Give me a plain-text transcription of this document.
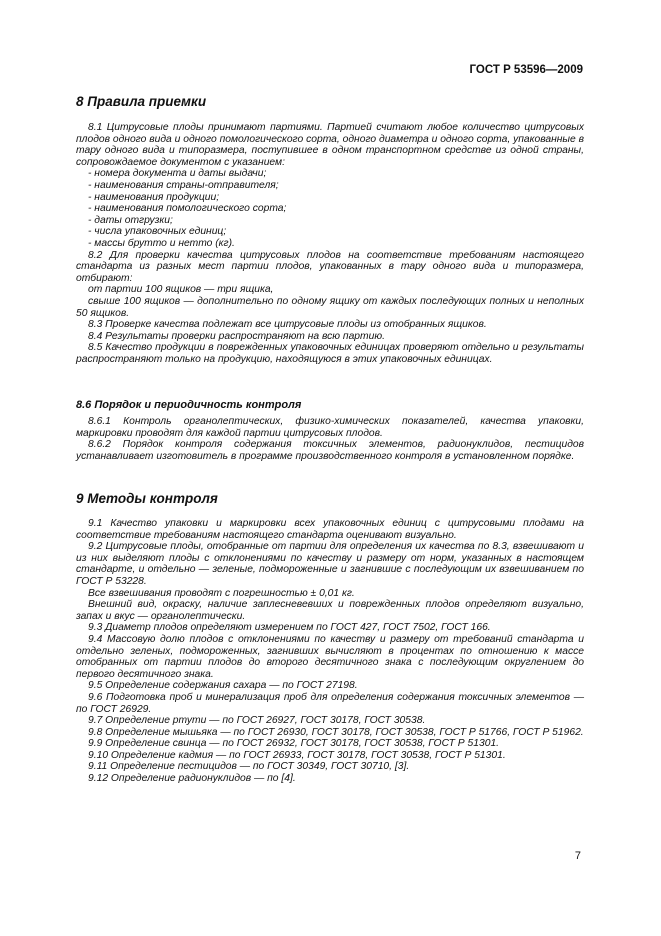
ГОСТ Р 53596—2009
8 Правила приемки

8.1 Цитрусовые плоды принимают партиями. Партией считают любое количество цитрусовых плодов одного вида и одного помологического сорта, одного диаметра и одного сорта, упакованные в тару одного вида и типоразмера, поступившее в одном транспортном средстве из одной страны, сопровождаемое документом с указанием:

- номера документа и даты выдачи;

- наименования страны-отправителя;

- наименования продукции;

- наименования помологического сорта;

- даты отгрузки;

- числа упаковочных единиц;

- массы брутто и нетто (кг).

8.2 Для проверки качества цитрусовых плодов на соответствие требованиям настоящего стандарта из разных мест партии плодов, упакованных в тару одного вида и типоразмера, отбирают:

от партии 100 ящиков — три ящика,

свыше 100 ящиков — дополнительно по одному ящику от каждых последующих полных и неполных 50 ящиков.

8.3 Проверке качества подлежат все цитрусовые плоды из отобранных ящиков.

8.4 Результаты проверки распространяют на всю партию.

8.5 Качество продукции в поврежденных упаковочных единицах проверяют отдельно и результаты распространяют только на продукцию, находящуюся в этих упаковочных единицах.

8.6 Порядок и периодичность контроля

8.6.1 Контроль органолептических, физико-химических показателей, качества упаковки, маркировки проводят для каждой партии цитрусовых плодов.

8.6.2 Порядок контроля содержания токсичных элементов, радионуклидов, пестицидов устанавливает изготовитель в программе производственного контроля в установленном порядке.

9 Методы контроля

9.1 Качество упаковки и маркировки всех упаковочных единиц с цитрусовыми плодами на соответствие требованиям настоящего стандарта оценивают визуально.

9.2 Цитрусовые плоды, отобранные от партии для определения их качества по 8.3, взвешивают и из них выделяют плоды с отклонениями по качеству и размеру от норм, указанных в настоящем стандарте, и отдельно — зеленые, подмороженные и загнившие с последующим их взвешиванием по ГОСТ Р 53228.

Все взвешивания проводят с погрешностью ± 0,01 кг.

Внешний вид, окраску, наличие заплесневевших и поврежденных плодов определяют визуально, запах и вкус — органолептически.

9.3 Диаметр плодов определяют измерением по ГОСТ 427, ГОСТ 7502, ГОСТ 166.

9.4 Массовую долю плодов с отклонениями по качеству и размеру от требований стандарта и отдельно зеленых, подмороженных, загнивших вычисляют в процентах по отношению к массе отобранных от партии плодов до второго десятичного знака с последующим округлением до первого десятичного знака.

9.5 Определение содержания сахара — по ГОСТ 27198.

9.6 Подготовка проб и минерализация проб для определения содержания токсичных элементов — по ГОСТ 26929.

9.7 Определение ртути — по ГОСТ 26927, ГОСТ 30178, ГОСТ 30538.

9.8 Определение мышьяка — по ГОСТ 26930, ГОСТ 30178, ГОСТ 30538, ГОСТ Р 51766, ГОСТ Р 51962.

9.9 Определение свинца — по ГОСТ 26932, ГОСТ 30178, ГОСТ 30538, ГОСТ Р 51301.

9.10 Определение кадмия — по ГОСТ 26933, ГОСТ 30178, ГОСТ 30538, ГОСТ Р 51301.

9.11 Определение пестицидов — по ГОСТ 30349, ГОСТ 30710, [3].

9.12 Определение радионуклидов — по [4].

7
